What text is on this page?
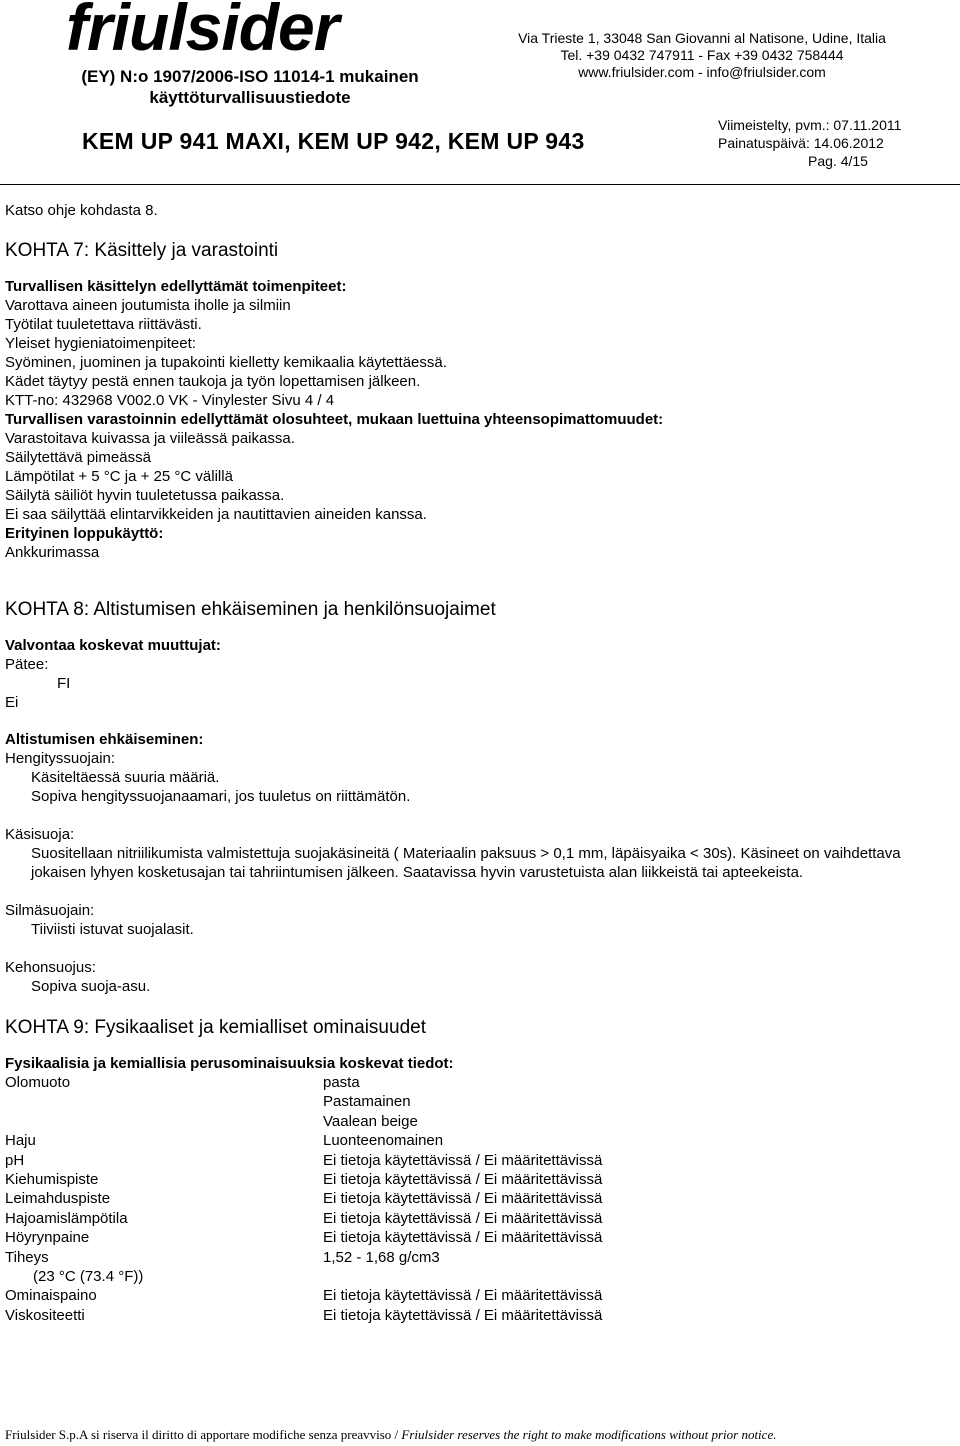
friulsider
(EY) N:o 1907/2006-ISO 11014-1 mukainen
käyttöturvallisuustiedote
Via Trieste 1, 33048 San Giovanni al Natisone, Udine, Italia
Tel. +39 0432 747911 - Fax +39 0432 758444
www.friulsider.com - info@friulsider.com
KEM UP 941 MAXI, KEM UP 942, KEM UP 943
Viimeistelty, pvm.: 07.11.2011
Painatuspäivä: 14.06.2012
Pag. 4/15
Katso ohje kohdasta 8.
KOHTA 7: Käsittely ja varastointi
Turvallisen käsittelyn edellyttämät toimenpiteet:
Varottava aineen joutumista iholle ja silmiin
Työtilat tuuletettava riittävästi.
Yleiset hygieniatoimenpiteet:
Syöminen, juominen ja tupakointi kielletty kemikaalia käytettäessä.
Kädet täytyy pestä ennen taukoja ja työn lopettamisen jälkeen.
KTT-no: 432968 V002.0 VK - Vinylester Sivu 4 / 4
Turvallisen varastoinnin edellyttämät olosuhteet, mukaan luettuina yhteensopimattomuudet:
Varastoitava kuivassa ja viileässä paikassa.
Säilytettävä pimeässä
Lämpötilat + 5 °C ja + 25 °C välillä
Säilytä säiliöt hyvin tuuletetussa paikassa.
Ei saa säilyttää elintarvikkeiden ja nautittavien aineiden kanssa.
Erityinen loppukäyttö:
Ankkurimassa
KOHTA 8: Altistumisen ehkäiseminen ja henkilönsuojaimet
Valvontaa koskevat muuttujat:
Pätee:
FI
Ei
Altistumisen ehkäiseminen:
Hengityssuojain:
Käsiteltäessä suuria määriä.
Sopiva hengityssuojanaamari, jos tuuletus on riittämätön.
Käsisuoja:
Suositellaan nitriilikumista valmistettuja suojakäsineitä ( Materiaalin paksuus > 0,1 mm, läpäisyaika < 30s). Käsineet on vaihdettava jokaisen lyhyen kosketusajan tai tahriintumisen jälkeen. Saatavissa hyvin varustetuista alan liikkeistä tai apteekeista.
Silmäsuojain:
Tiiviisti istuvat suojalasit.
Kehonsuojus:
Sopiva suoja-asu.
KOHTA 9: Fysikaaliset ja kemialliset ominaisuudet
Fysikaalisia ja kemiallisia perusominaisuuksia koskevat tiedot:
Olomuoto	pasta
Pastamainen
Vaalean beige
Haju	Luonteenomainen
pH	Ei tietoja käytettävissä / Ei määritettävissä
Kiehumispiste	Ei tietoja käytettävissä / Ei määritettävissä
Leimahduspiste	Ei tietoja käytettävissä / Ei määritettävissä
Hajoamislämpötila	Ei tietoja käytettävissä / Ei määritettävissä
Höyrynpaine	Ei tietoja käytettävissä / Ei määritettävissä
Tiheys	1,52 - 1,68 g/cm3
(23 °C (73.4 °F))
Ominaispaino	Ei tietoja käytettävissä / Ei määritettävissä
Viskositeetti	Ei tietoja käytettävissä / Ei määritettävissä
Friulsider S.p.A si riserva il diritto di apportare modifiche senza preavviso / Friulsider reserves the right to make modifications without prior notice.
